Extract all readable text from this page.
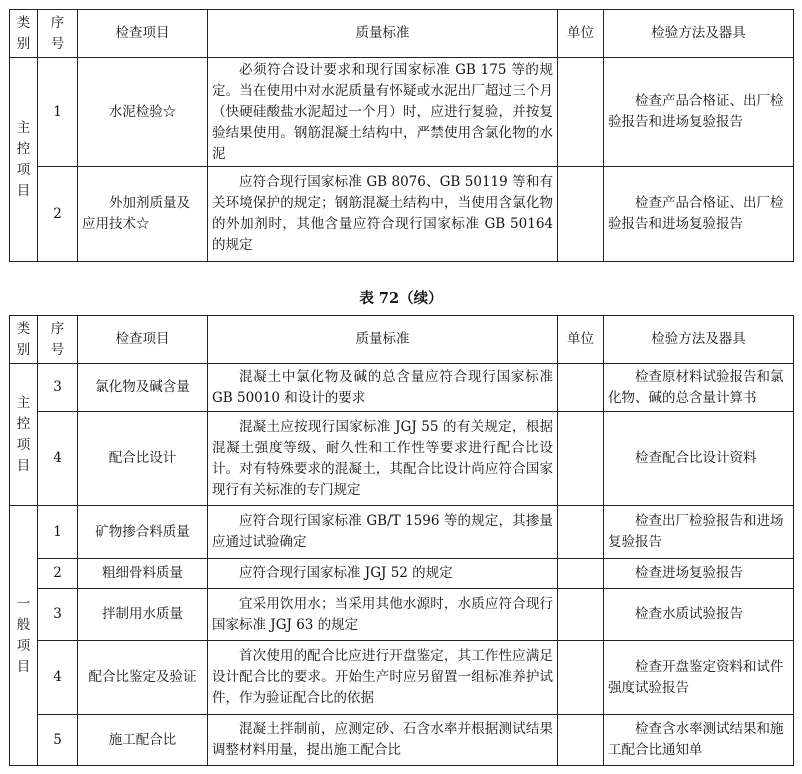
类别	序号	检查项目	质量标准	单位	检验方法及器具

主控项目	1	水泥检验☆	必须符合设计要求和现行国家标准 GB 175 等的规定。当在使用中对水泥质量有怀疑或水泥出厂超过三个月（快硬硅酸盐水泥超过一个月）时，应进行复验，并按复验结果使用。钢筋混凝土结构中，严禁使用含氯化物的水泥		检查产品合格证、出厂检验报告和进场复验报告
	2	外加剂质量及应用技术☆	应符合现行国家标准 GB 8076、GB 50119 等和有关环境保护的规定；钢筋混凝土结构中，当使用含氯化物的外加剂时，其他含量应符合现行国家标准 GB 50164 的规定		检查产品合格证、出厂检验报告和进场复验报告
表 72（续）
类别	序号	检查项目	质量标准	单位	检验方法及器具

主控项目	3	氯化物及碱含量	混凝土中氯化物及碱的总含量应符合现行国家标准 GB 50010 和设计的要求		检查原材料试验报告和氯化物、碱的总含量计算书
	4	配合比设计	混凝土应按现行国家标准 JGJ 55 的有关规定，根据混凝土强度等级、耐久性和工作性等要求进行配合比设计。对有特殊要求的混凝土，其配合比设计尚应符合国家现行有关标准的专门规定		检查配合比设计资料

一般项目	1	矿物掺合料质量	应符合现行国家标准 GB/T 1596 等的规定，其掺量应通过试验确定		检查出厂检验报告和进场复验报告
	2	粗细骨料质量	应符合现行国家标准 JGJ 52 的规定		检查进场复验报告
	3	拌制用水质量	宜采用饮用水；当采用其他水源时，水质应符合现行国家标准 JGJ 63 的规定		检查水质试验报告
	4	配合比鉴定及验证	首次使用的配合比应进行开盘鉴定，其工作性应满足设计配合比的要求。开始生产时应另留置一组标准养护试件，作为验证配合比的依据		检查开盘鉴定资料和试件强度试验报告
	5	施工配合比	混凝土拌制前，应测定砂、石含水率并根据测试结果调整材料用量，提出施工配合比		检查含水率测试结果和施工配合比通知单
